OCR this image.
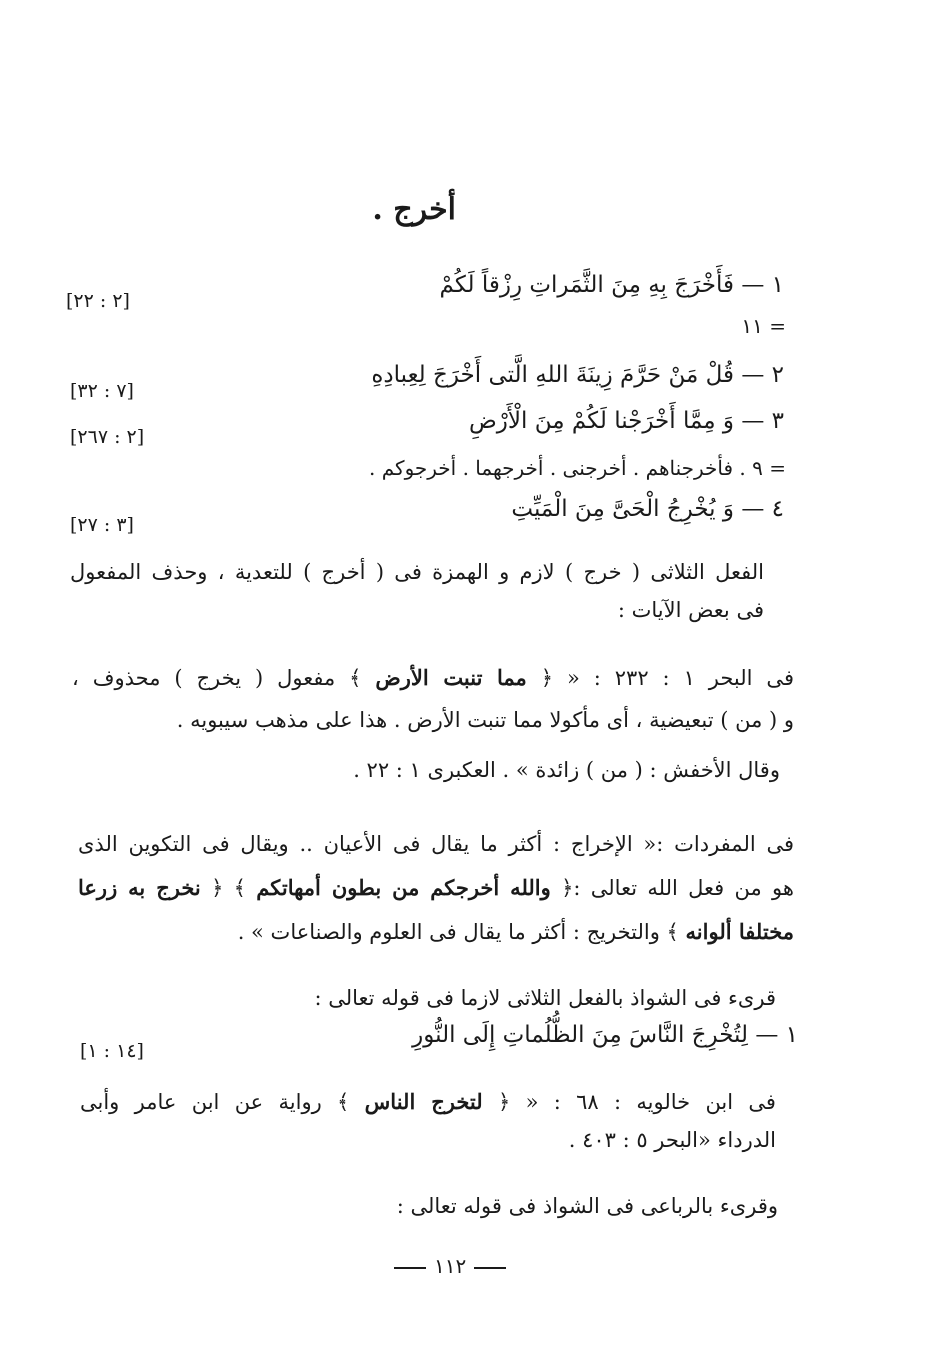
أخرج .
١ — فَأَخْرَجَ بِهِ مِنَ الثَّمَراتِ رِزْقاً لَكُمْ
[٢ : ٢٢]
= ١١
٢ — قُلْ مَنْ حَرَّمَ زِينَةَ اللهِ الَّتى أَخْرَجَ لِعِبادِهِ
[٧ : ٣٢]
٣ — وَ مِمَّا أَخْرَجْنا لَكُمْ مِنَ الْأَرْضِ
[٢ : ٢٦٧]
= ٩ . فأخرجناهم . أخرجنى . أخرجهما . أخرجوكم .
٤ — وَ يُخْرِجُ الْحَىَّ مِنَ الْمَيِّتِ
[٣ : ٢٧]

الفعل الثلاثى ( خرج ) لازم و الهمزة فى ( أخرج ) للتعدية ، وحذف المفعول

فى بعض الآيات :

فى البحر ١ : ٢٣٢ : « ﴿ مما تنبت الأرض ﴾ مفعول ( يخرج ) محذوف ،

و ( من ) تبعيضية ، أى مأكولا مما تنبت الأرض . هذا على مذهب سيبويه .

وقال الأخفش : ( من ) زائدة » . العكبرى ١ : ٢٢ .

فى المفردات :« الإخراج : أكثر ما يقال فى الأعيان .. ويقال فى التكوين الذى

هو من فعل الله تعالى :﴿ والله أخرجكم من بطون أمهاتكم ﴾ ﴿ نخرج به زرعا

مختلفا ألوانه ﴾ والتخريج : أكثر ما يقال فى العلوم والصناعات » .

قرىء فى الشواذ بالفعل الثلاثى لازما فى قوله تعالى :
١ — لِتُخْرِجَ النَّاسَ مِنَ الظُّلُماتِ إِلَى النُّورِ
[١٤ : ١]

فى ابن خالويه : ٦٨ : « ﴿ لتخرج الناس ﴾ رواية عن ابن عامر وأبى

الدرداء «البحر ٥ : ٤٠٣ .

وقرىء بالرباعى فى الشواذ فى قوله تعالى :
١١٢
